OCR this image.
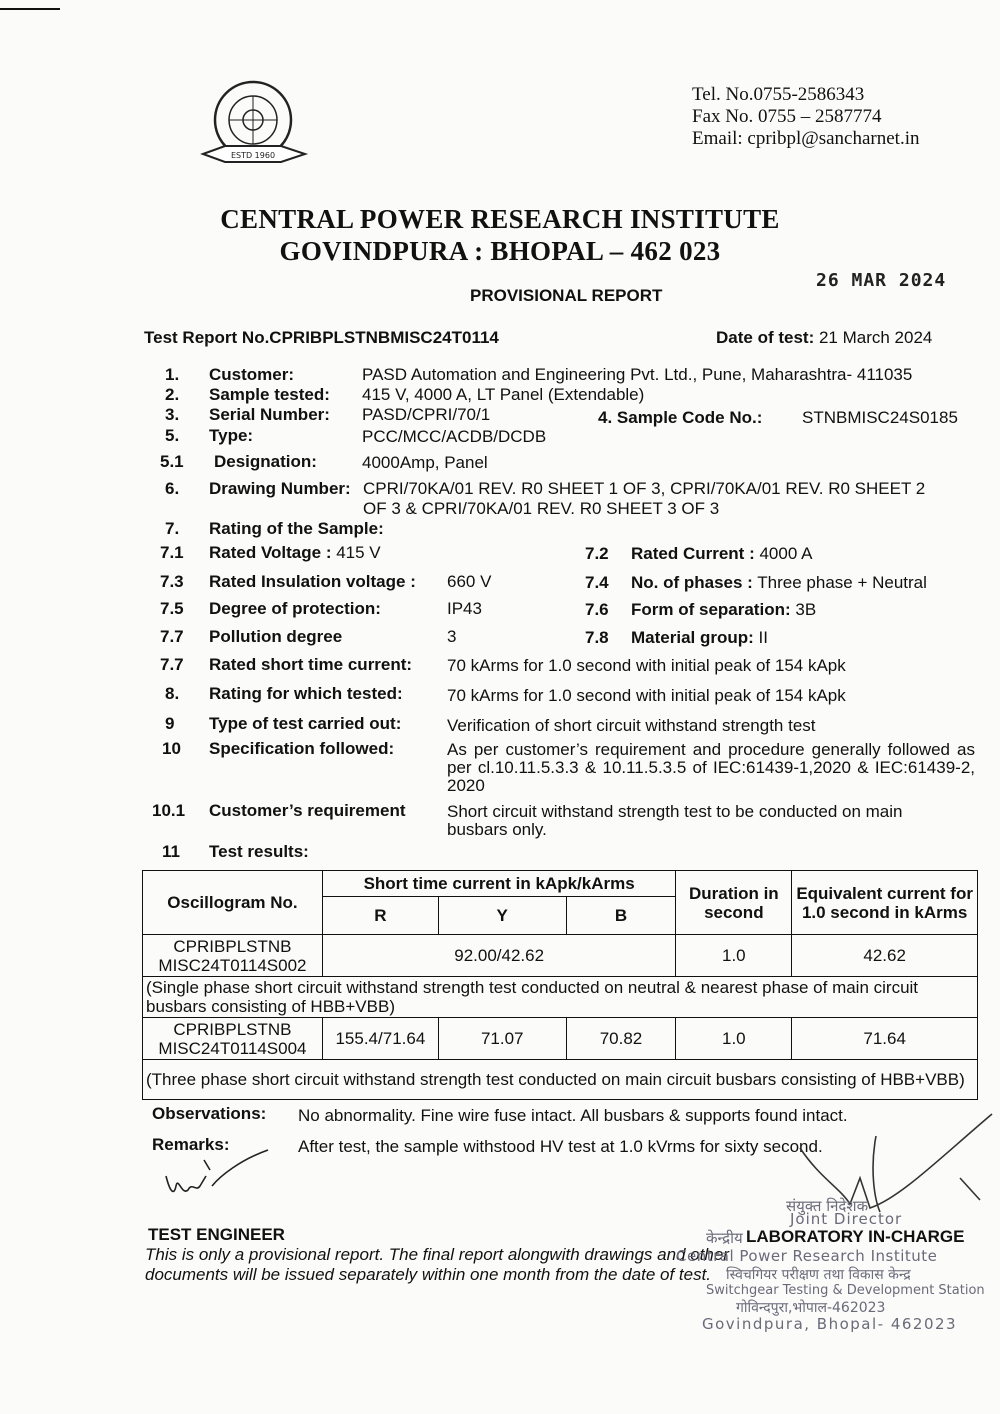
ESTD 1960
Tel. No.0755-2586343
Fax No. 0755 – 2587774
Email: cpribpl@sancharnet.in
CENTRAL POWER RESEARCH INSTITUTE
GOVINDPURA : BHOPAL – 462 023
26 MAR 2024
PROVISIONAL REPORT
Test Report No.CPRIBPLSTNBMISC24T0114	Date of test: 21 March 2024
1. Customer:	PASD Automation and Engineering Pvt. Ltd., Pune, Maharashtra- 411035
2. Sample tested: 415 V, 4000 A, LT Panel (Extendable)
3. Serial Number: PASD/CPRI/70/1	4. Sample Code No.: STNBMISC24S0185
5. Type:	PCC/MCC/ACDB/DCDB
5.1 Designation:	4000Amp, Panel
6. Drawing Number: CPRI/70KA/01 REV. R0 SHEET 1 OF 3, CPRI/70KA/01 REV. R0 SHEET 2
OF 3 & CPRI/70KA/01 REV. R0 SHEET 3 OF 3
7. Rating of the Sample:
7.1 Rated Voltage : 415 V	7.2 Rated Current : 4000 A
7.3 Rated Insulation voltage : 660 V	7.4 No. of phases : Three phase + Neutral
7.5 Degree of protection:	IP43	7.6 Form of separation: 3B
7.7 Pollution degree	3	7.8 Material group: II
7.7 Rated short time current: 70 kArms for 1.0 second with initial peak of 154 kApk
8. Rating for which tested:	70 kArms for 1.0 second with initial peak of 154 kApk
9 Type of test carried out:	Verification of short circuit withstand strength test
10 Specification followed:	As per customer’s requirement and procedure generally followed as per cl.10.11.5.3.3 & 10.11.5.3.5 of IEC:61439-1,2020 & IEC:61439-2, 2020
10.1 Customer’s requirement Short circuit withstand strength test to be conducted on main busbars only.
11 Test results:
Oscillogram No.	Short time current in kApk/kArms			Duration in second	Equivalent current for 1.0 second in kArms
	R	Y	B		

CPRIBPLSTNB
MISC24T0114S002	92.00/42.62			1.0	42.62
(Single phase short circuit withstand strength test conducted on neutral & nearest phase of main circuit busbars consisting of HBB+VBB)					

CPRIBPLSTNB
MISC24T0114S004	155.4/71.64	71.07	70.82	1.0	71.64
(Three phase short circuit withstand strength test conducted on main circuit busbars consisting of HBB+VBB)					
Observations: No abnormality. Fine wire fuse intact. All busbars & supports found intact.
Remarks:	After test, the sample withstood HV test at 1.0 kVrms for sixty second.
संयुक्त निदेशक
Joint Director
TEST ENGINEER	केन्द्रीय LABORATORY IN-CHARGE
This is only a provisional report. The final report alongwith drawings and other documents will be issued separately within one month from the date of test.
Central Power Research Institute
स्विचगियर परीक्षण तथा विकास केन्द्र
Switchgear Testing & Development Station
गोविन्दपुरा,भोपाल-462023
Govindpura, Bhopal- 462023
